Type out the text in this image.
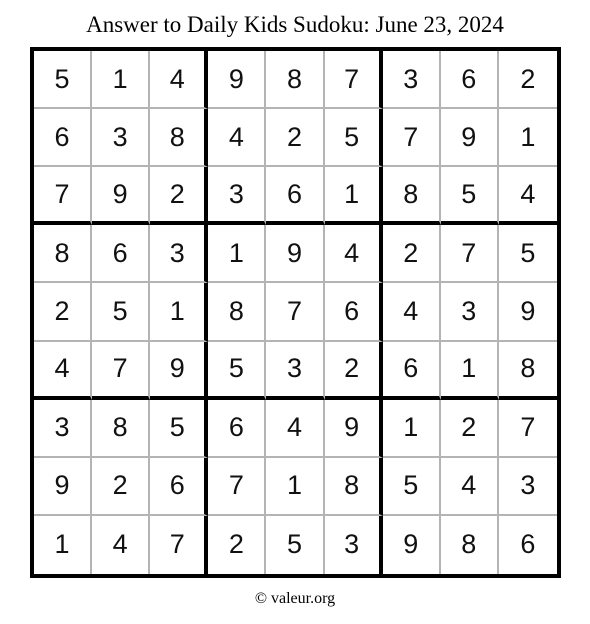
Answer to Daily Kids Sudoku: June 23, 2024
5	1	4	9	8	7	3	6	2
6	3	8	4	2	5	7	9	1
7	9	2	3	6	1	8	5	4
8	6	3	1	9	4	2	7	5
2	5	1	8	7	6	4	3	9
4	7	9	5	3	2	6	1	8
3	8	5	6	4	9	1	2	7
9	2	6	7	1	8	5	4	3
1	4	7	2	5	3	9	8	6
© valeur.org
